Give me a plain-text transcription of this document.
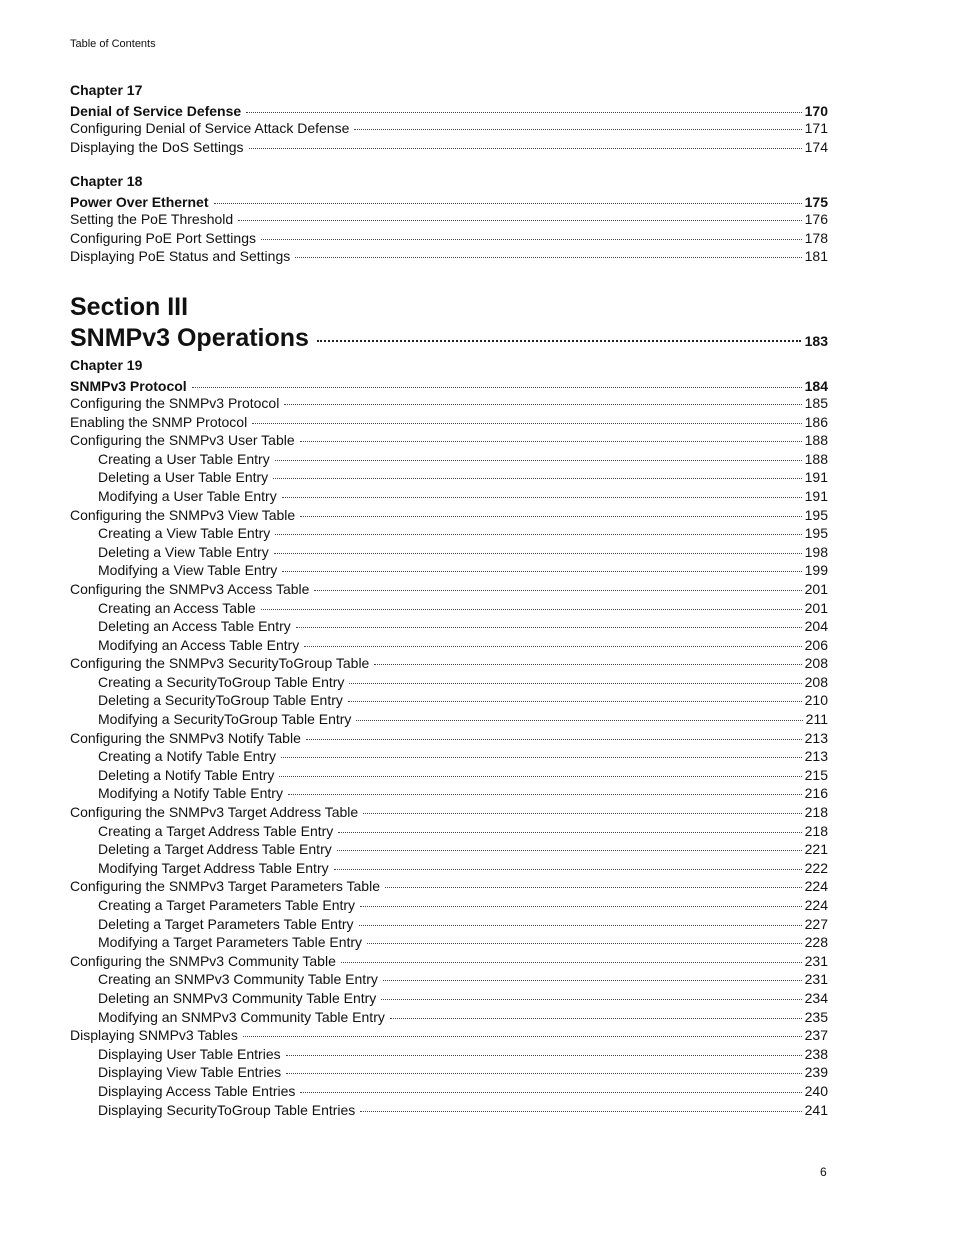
Table of Contents
Chapter 17
Denial of Service Defense	170
Configuring Denial of Service Attack Defense	171
Displaying the DoS Settings	174
Chapter 18
Power Over Ethernet	175
Setting the PoE Threshold	176
Configuring PoE Port Settings	178
Displaying PoE Status and Settings	181
Section III
SNMPv3 Operations	183
Chapter 19
SNMPv3 Protocol	184
Configuring the SNMPv3 Protocol	185
Enabling the SNMP Protocol	186
Configuring the SNMPv3 User Table	188
Creating a User Table Entry	188
Deleting a User Table Entry	191
Modifying a User Table Entry	191
Configuring the SNMPv3 View Table	195
Creating a View Table Entry	195
Deleting a View Table Entry	198
Modifying a View Table Entry	199
Configuring the SNMPv3 Access Table	201
Creating an Access Table	201
Deleting an Access Table Entry	204
Modifying an Access Table Entry	206
Configuring the SNMPv3 SecurityToGroup Table	208
Creating a SecurityToGroup Table Entry	208
Deleting a SecurityToGroup Table Entry	210
Modifying a SecurityToGroup Table Entry	211
Configuring the SNMPv3 Notify Table	213
Creating a Notify Table Entry	213
Deleting a Notify Table Entry	215
Modifying a Notify Table Entry	216
Configuring the SNMPv3 Target Address Table	218
Creating a Target Address Table Entry	218
Deleting a Target Address Table Entry	221
Modifying Target Address Table Entry	222
Configuring the SNMPv3 Target Parameters Table	224
Creating a Target Parameters Table Entry	224
Deleting a Target Parameters Table Entry	227
Modifying a Target Parameters Table Entry	228
Configuring the SNMPv3 Community Table	231
Creating an SNMPv3 Community Table Entry	231
Deleting an SNMPv3 Community Table Entry	234
Modifying an SNMPv3 Community Table Entry	235
Displaying SNMPv3 Tables	237
Displaying User Table Entries	238
Displaying View Table Entries	239
Displaying Access Table Entries	240
Displaying SecurityToGroup Table Entries	241
6
